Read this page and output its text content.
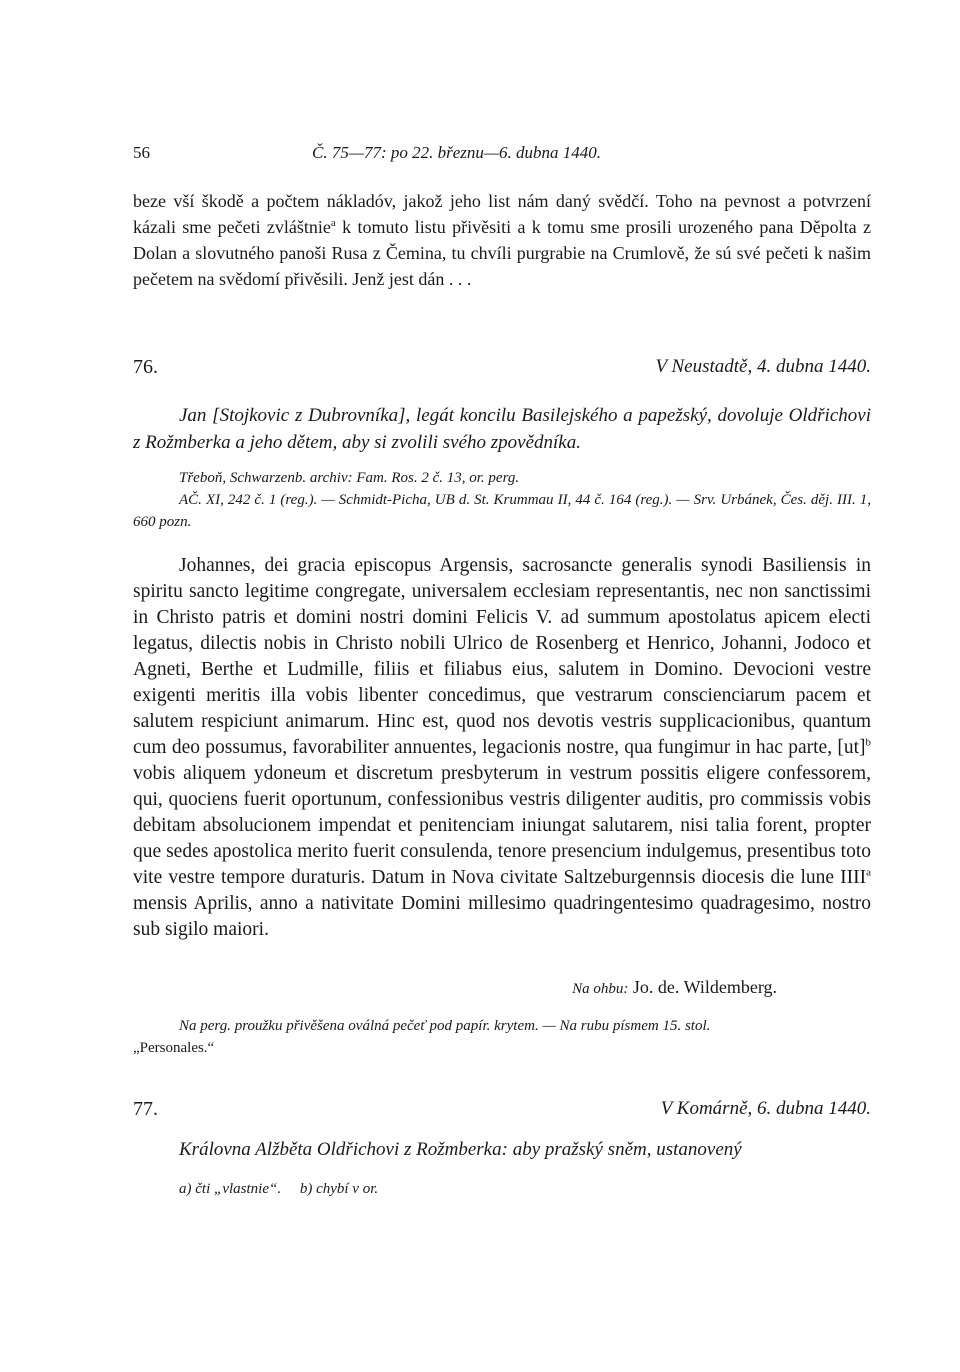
56	Č. 75—77: po 22. březnu—6. dubna 1440.

beze vší škodě a počtem nákladóv, jakož jeho list nám daný svědčí. Toho na pevnost a potvrzení kázali sme pečeti zvláštnie$^a$ k tomuto listu přivěsiti a k tomu sme prosili urozeného pana Děpolta z Dolan a slovutného panoši Rusa z Čemina, tu chvíli purgrabie na Crumlově, že sú své pečeti k našim pečetem na svědomí přivěsili. Jenž jest dán . . .

76.	V Neustadtě, 4. dubna 1440.

Jan [Stojkovic z Dubrovníka], legát koncilu Basilejského a papežský, dovoluje Oldřichovi z Rožmberka a jeho dětem, aby si zvolili svého zpovědníka.

Třeboň, Schwarzenb. archiv: Fam. Ros. 2 č. 13, or. perg.

AČ. XI, 242 č. 1 (reg.). — Schmidt-Picha, UB d. St. Krummau II, 44 č. 164 (reg.). — Srv. Urbánek, Čes. děj. III. 1, 660 pozn.

Johannes, dei gracia episcopus Argensis, sacrosancte generalis synodi Basiliensis in spiritu sancto legitime congregate, universalem ecclesiam representantis, nec non sanctissimi in Christo patris et domini nostri domini Felicis V. ad summum apostolatus apicem electi legatus, dilectis nobis in Christo nobili Ulrico de Rosenberg et Henrico, Johanni, Jodoco et Agneti, Berthe et Ludmille, filiis et filiabus eius, salutem in Domino. Devocioni vestre exigenti meritis illa vobis libenter concedimus, que vestrarum conscienciarum pacem et salutem respiciunt animarum. Hinc est, quod nos devotis vestris supplicacionibus, quantum cum deo possumus, favorabiliter annuentes, legacionis nostre, qua fungimur in hac parte, [ut]$^b$ vobis aliquem ydoneum et discretum presbyterum in vestrum possitis eligere confessorem, qui, quociens fuerit oportunum, confessionibus vestris diligenter auditis, pro commissis vobis debitam absolucionem impendat et penitenciam iniungat salutarem, nisi talia forent, propter que sedes apostolica merito fuerit consulenda, tenore presencium indulgemus, presentibus toto vite vestre tempore duraturis. Datum in Nova civitate Saltzeburgennsis diocesis die lune IIII$^a$ mensis Aprilis, anno a nativitate Domini millesimo quadringentesimo quadragesimo, nostro sub sigilo maiori.

Na ohbu: Jo. de. Wildemberg.

Na perg. proužku přivěšena oválná pečeť pod papír. krytem. — Na rubu písmem 15. stol.

„Personales.“
77.	V Komárně, 6. dubna 1440.

Královna Alžběta Oldřichovi z Rožmberka: aby pražský sněm, ustanovený

a) čti „vlastnie“.     b) chybí v or.
